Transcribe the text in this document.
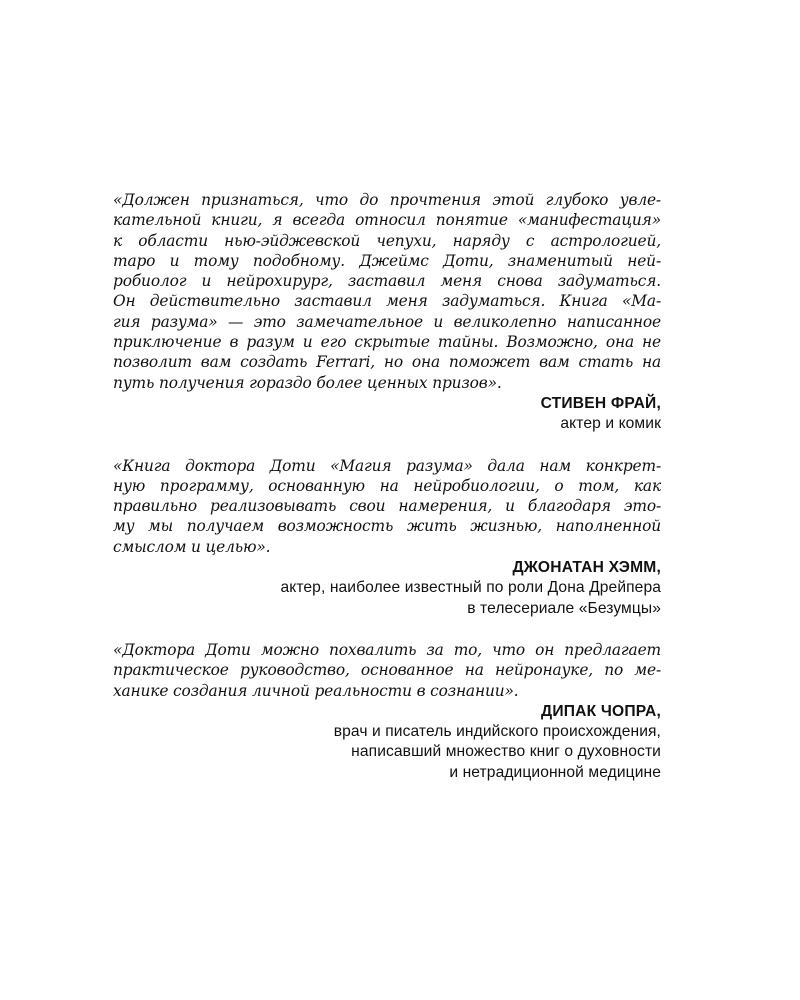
«Должен признаться, что до прочтения этой глубоко увле-
кательной книги, я всегда относил понятие «манифестация»
к области нью-эйджевской чепухи, наряду с астрологией,
таро и тому подобному. Джеймс Доти, знаменитый ней-
робиолог и нейрохирург, заставил меня снова задуматься.
Он действительно заставил меня задуматься. Книга «Ма-
гия разума» — это замечательное и великолепно написанное
приключение в разум и его скрытые тайны. Возможно, она не
позволит вам создать Ferrari, но она поможет вам стать на
путь получения гораздо более ценных призов».
СТИВЕН ФРАЙ,
актер и комик
«Книга доктора Доти «Магия разума» дала нам конкрет-
ную программу, основанную на нейробиологии, о том, как
правильно реализовывать свои намерения, и благодаря это-
му мы получаем возможность жить жизнью, наполненной
смыслом и целью».
ДЖОНАТАН ХЭММ,
актер, наиболее известный по роли Дона Дрейпера
в телесериале «Безумцы»
«Доктора Доти можно похвалить за то, что он предлагает
практическое руководство, основанное на нейронауке, по ме-
ханике создания личной реальности в сознании».
ДИПАК ЧОПРА,
врач и писатель индийского происхождения,
написавший множество книг о духовности
и нетрадиционной медицине
